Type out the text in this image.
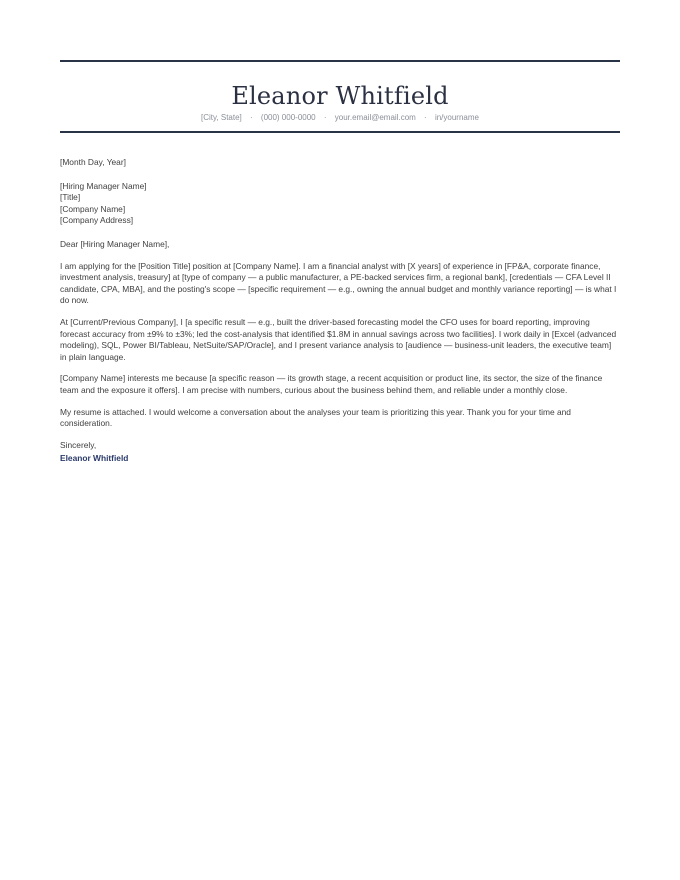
Eleanor Whitfield
[City, State] · (000) 000-0000 · your.email@email.com · in/yourname

[Month Day, Year]

[Hiring Manager Name]

[Title]

[Company Name]

[Company Address]

Dear [Hiring Manager Name],

I am applying for the [Position Title] position at [Company Name]. I am a financial analyst with [X years] of experience in [FP&A, corporate finance, investment analysis, treasury] at [type of company — a public manufacturer, a PE-backed services firm, a regional bank], [credentials — CFA Level II candidate, CPA, MBA], and the posting's scope — [specific requirement — e.g., owning the annual budget and monthly variance reporting] — is what I do now.

At [Current/Previous Company], I [a specific result — e.g., built the driver-based forecasting model the CFO uses for board reporting, improving forecast accuracy from ±9% to ±3%; led the cost-analysis that identified $1.8M in annual savings across two facilities]. I work daily in [Excel (advanced modeling), SQL, Power BI/Tableau, NetSuite/SAP/Oracle], and I present variance analysis to [audience — business-unit leaders, the executive team] in plain language.

[Company Name] interests me because [a specific reason — its growth stage, a recent acquisition or product line, its sector, the size of the finance team and the exposure it offers]. I am precise with numbers, curious about the business behind them, and reliable under a monthly close.

My resume is attached. I would welcome a conversation about the analyses your team is prioritizing this year. Thank you for your time and consideration.

Sincerely,

Eleanor Whitfield
